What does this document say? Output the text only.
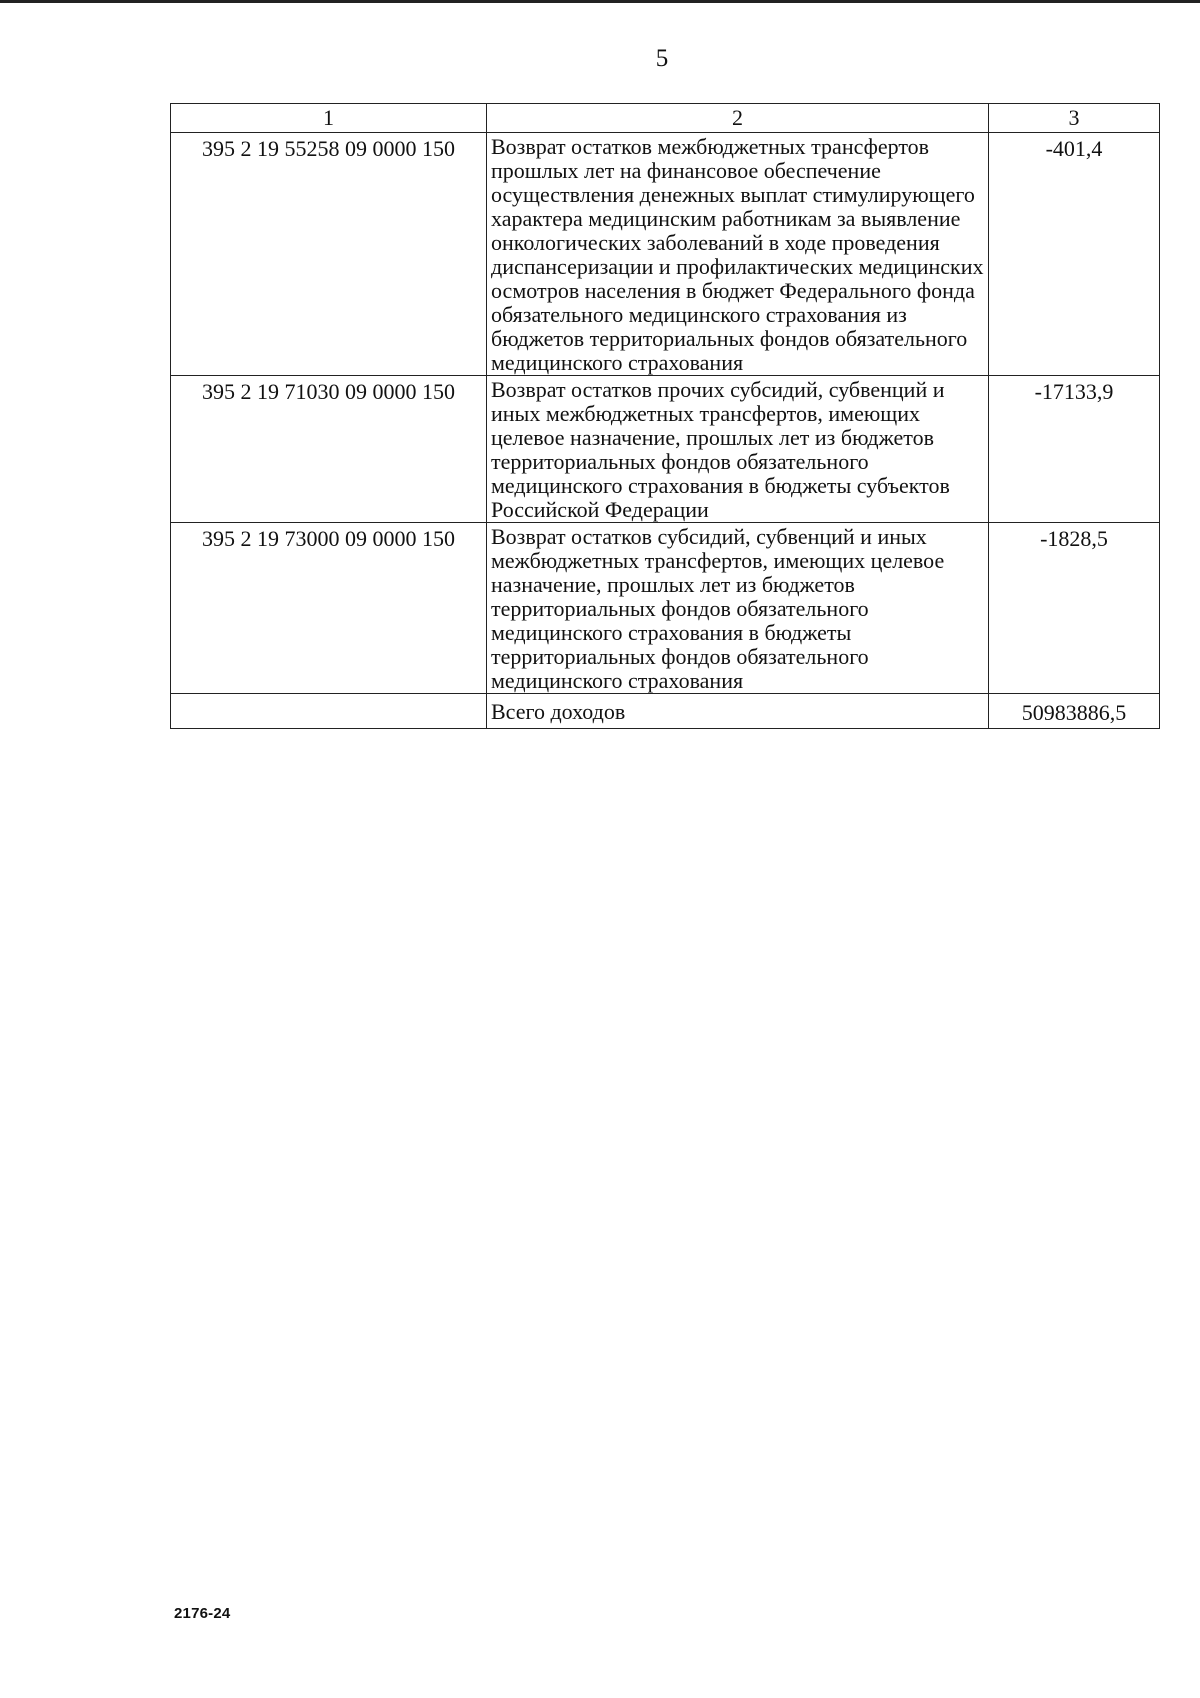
5
1	2	3
395 2 19 55258 09 0000 150	Возврат остатков межбюджетных трансфертов прошлых лет на финансовое обеспечение осуществления денежных выплат стимулирующего характера медицинским работникам за выявление онкологических заболеваний в ходе проведения диспансеризации и профилактических медицинских осмотров населения в бюджет Федерального фонда обязательного медицинского страхования из бюджетов территориальных фондов обязательного медицинского страхования	-401,4
395 2 19 71030 09 0000 150	Возврат остатков прочих субсидий, субвенций и иных межбюджетных трансфертов, имеющих целевое назначение, прошлых лет из бюджетов территориальных фондов обязательного медицинского страхования в бюджеты субъектов Российской Федерации	-17133,9
395 2 19 73000 09 0000 150	Возврат остатков субсидий, субвенций и иных межбюджетных трансфертов, имеющих целевое назначение, прошлых лет из бюджетов территориальных фондов обязательного медицинского страхования в бюджеты территориальных фондов обязательного медицинского страхования	-1828,5
	Всего доходов	50983886,5
2176-24
